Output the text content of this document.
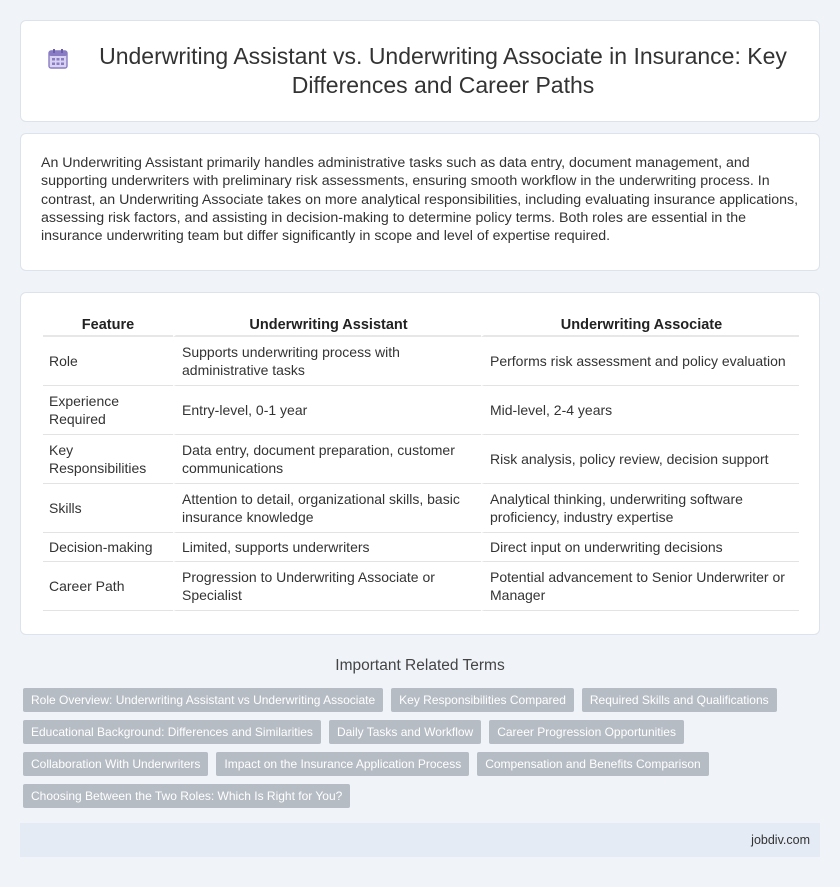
Underwriting Assistant vs. Underwriting Associate in Insurance: Key Differences and Career Paths

An Underwriting Assistant primarily handles administrative tasks such as data entry, document management, and supporting underwriters with preliminary risk assessments, ensuring smooth workflow in the underwriting process. In contrast, an Underwriting Associate takes on more analytical responsibilities, including evaluating insurance applications, assessing risk factors, and assisting in decision-making to determine policy terms. Both roles are essential in the insurance underwriting team but differ significantly in scope and level of expertise required.

Feature	Underwriting Assistant	Underwriting Associate
Role	Supports underwriting process with administrative tasks	Performs risk assessment and policy evaluation
Experience Required	Entry-level, 0-1 year	Mid-level, 2-4 years
Key Responsibilities	Data entry, document preparation, customer communications	Risk analysis, policy review, decision support
Skills	Attention to detail, organizational skills, basic insurance knowledge	Analytical thinking, underwriting software proficiency, industry expertise
Decision-making	Limited, supports underwriters	Direct input on underwriting decisions
Career Path	Progression to Underwriting Associate or Specialist	Potential advancement to Senior Underwriter or Manager
Important Related Terms
Role Overview: Underwriting Assistant vs Underwriting Associate	Key Responsibilities Compared	Required Skills and Qualifications
Educational Background: Differences and Similarities	Daily Tasks and Workflow	Career Progression Opportunities
Collaboration With Underwriters	Impact on the Insurance Application Process	Compensation and Benefits Comparison
Choosing Between the Two Roles: Which Is Right for You?
jobdiv.com
